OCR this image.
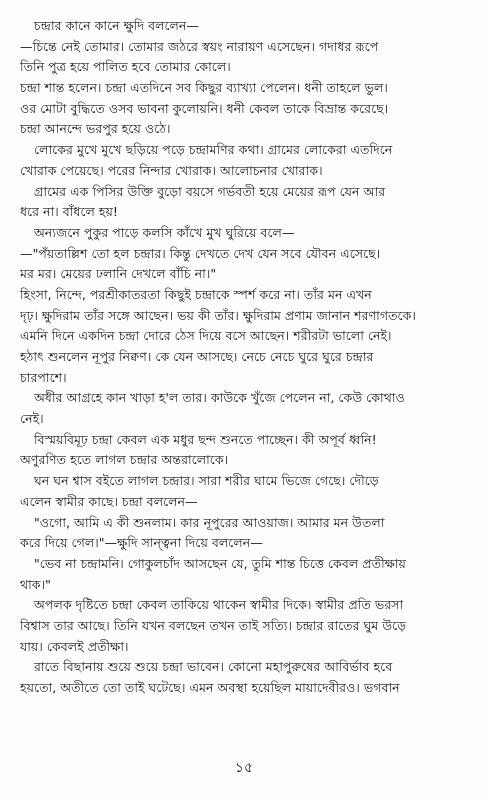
চন্দ্রার কানে কানে ক্ষুদি বললেন—
—চিন্তে নেই তোমার। তোমার জঠরে স্বয়ং নারায়ণ এসেছেন। গদাধর রূপে
তিনি পুত্র হয়ে পালিত হবে তোমার কোলে।
চন্দ্রা শান্ত হলেন। চন্দ্রা এতদিনে সব কিছুর ব্যাখ্যা পেলেন। ধনী তাহলে ভুল।
ওর মোটা বুদ্ধিতে ওসব ভাবনা কুলোয়নি। ধনী কেবল তাকে বিভ্রান্ত করেছে।
চন্দ্রা আনন্দে ভরপুর হয়ে ওঠে।
লোকের মুখে মুখে ছড়িয়ে পড়ে চন্দ্রামণির কথা। গ্রামের লোকেরা এতদিনে
খোরাক পেয়েছে। পরের নিন্দার খোরাক। আলোচনার খোরাক।
গ্রামের এক পিসির উক্তি বুড়ো বয়সে গর্ভবতী হয়ে মেয়ের রূপ যেন আর
ধরে না। বাঁধলে হয়!
অন্যজনে পুকুর পাড়ে কলসি কাঁখে মুখ ঘুরিয়ে বলে—
—"পঁয়তাল্লিশ তো হল চন্দ্রার। কিন্তু দেখতে দেখ যেন সবে যৌবন এসেছে।
মর মর। মেয়ের ঢলানি দেখলে বাঁচি না।"
হিংসা, নিন্দে, পরশ্রীকাতরতা কিছুই চন্দ্রাকে স্পর্শ করে না। তাঁর মন এখন
দৃঢ়। ক্ষুদিরাম তাঁর সঙ্গে আছেন। ভয় কী তাঁর। ক্ষুদিরাম প্রণাম জানান শরণাগতকে।
এমনি দিনে একদিন চন্দ্রা দোরে ঠেস দিয়ে বসে আছেন। শরীরটা ভালো নেই।
হঠাৎ শুনলেন নূপুর নিক্বণ। কে যেন আসছে। নেচে নেচে ঘুরে ঘুরে চন্দ্রার
চারপাশে।
অধীর আগ্রহে কান খাড়া হ'ল তার। কাউকে খুঁজে পেলেন না, কেউ কোথাও
নেই।
বিস্ময়বিমূঢ় চন্দ্রা কেবল এক মধুর ছন্দ শুনতে পাচ্ছেন। কী অপূর্ব ধ্বনি!
অণুরণিত হতে লাগল চন্দ্রার অন্তরালোকে।
ঘন ঘন শ্বাস বইতে লাগল চন্দ্রার। সারা শরীর ঘামে ভিজে গেছে। দৌড়ে
এলেন স্বামীর কাছে। চন্দ্রা বললেন—
"ওগো, আমি এ কী শুনলাম। কার নূপুরের আওয়াজ। আমার মন উতলা
করে দিয়ে গেল।"—ক্ষুদি সান্ত্বনা দিয়ে বললেন—
"ভেব না চন্দ্রামনি। গোকুলচাঁদ আসছেন যে, তুমি শান্ত চিত্তে কেবল প্রতীক্ষায়
থাক।"
অপলক দৃষ্টিতে চন্দ্রা কেবল তাকিয়ে থাকেন স্বামীর দিকে। স্বামীর প্রতি ভরসা
বিশ্বাস তার আছে। তিনি যখন বলছেন তখন তাই সত্যি। চন্দ্রার রাতের ঘুম উড়ে
যায়। কেবলই প্রতীক্ষা।
রাতে বিছানায় শুয়ে শুয়ে চন্দ্রা ভাবেন। কোনো মহাপুরুষের আবির্ভাব হবে
হয়তো, অতীতে তো তাই ঘটেছে। এমন অবস্থা হয়েছিল মায়াদেবীরও। ভগবান
১৫
